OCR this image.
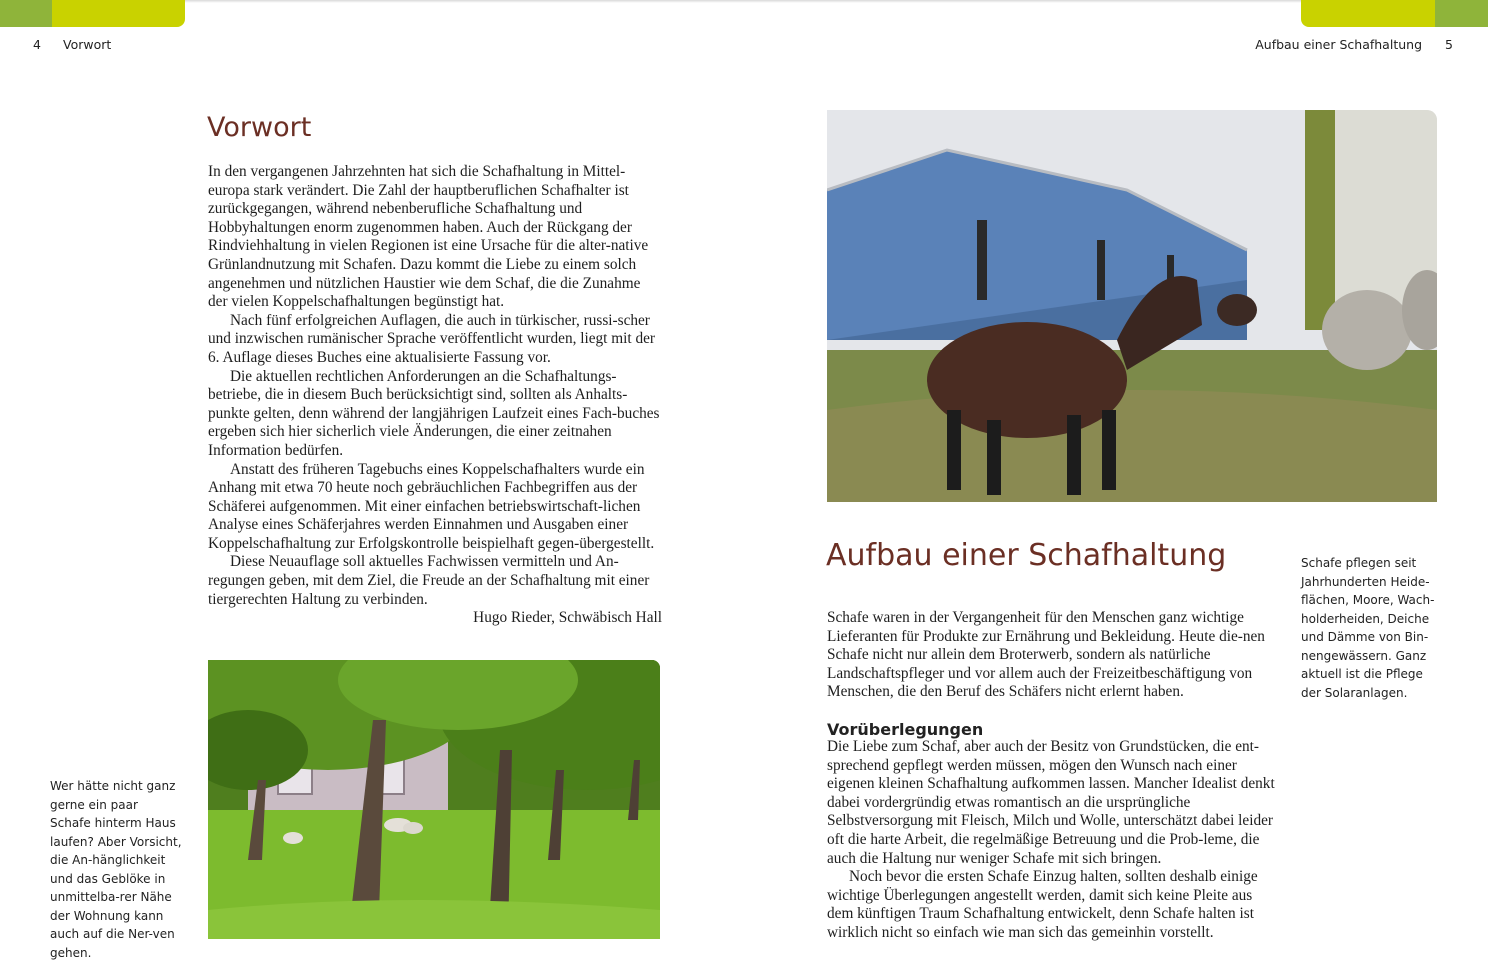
4 Vorwort	Aufbau einer Schafhaltung 5
Vorwort

In den vergangenen Jahrzehnten hat sich die Schafhaltung in Mittel-europa stark verändert. Die Zahl der hauptberuflichen Schafhalter ist zurückgegangen, während nebenberufliche Schafhaltung und Hobbyhaltungen enorm zugenommen haben. Auch der Rückgang der Rindviehhaltung in vielen Regionen ist eine Ursache für die alter-native Grünlandnutzung mit Schafen. Dazu kommt die Liebe zu einem solch angenehmen und nützlichen Haustier wie dem Schaf, die die Zunahme der vielen Koppelschafhaltungen begünstigt hat.

Nach fünf erfolgreichen Auflagen, die auch in türkischer, russi-scher und inzwischen rumänischer Sprache veröffentlicht wurden, liegt mit der 6. Auflage dieses Buches eine aktualisierte Fassung vor.

Die aktuellen rechtlichen Anforderungen an die Schafhaltungs-betriebe, die in diesem Buch berücksichtigt sind, sollten als Anhalts-punkte gelten, denn während der langjährigen Laufzeit eines Fach-buches ergeben sich hier sicherlich viele Änderungen, die einer zeitnahen Information bedürfen.

Anstatt des früheren Tagebuchs eines Koppelschafhalters wurde ein Anhang mit etwa 70 heute noch gebräuchlichen Fachbegriffen aus der Schäferei aufgenommen. Mit einer einfachen betriebswirtschaft-lichen Analyse eines Schäferjahres werden Einnahmen und Ausgaben einer Koppelschafhaltung zur Erfolgskontrolle beispielhaft gegen-übergestellt.

Diese Neuauflage soll aktuelles Fachwissen vermitteln und An-regungen geben, mit dem Ziel, die Freude an der Schafhaltung mit einer tiergerechten Haltung zu verbinden.

Hugo Rieder, Schwäbisch Hall

Wer hätte nicht ganz gerne ein paar Schafe hinterm Haus laufen? Aber Vorsicht, die An-hänglichkeit und das Geblöke in unmittelba-rer Nähe der Wohnung kann auch auf die Ner-ven gehen.
Aufbau einer Schafhaltung

Schafe waren in der Vergangenheit für den Menschen ganz wichtige Lieferanten für Produkte zur Ernährung und Bekleidung. Heute die-nen Schafe nicht nur allein dem Broterwerb, sondern als natürliche Landschaftspfleger und vor allem auch der Freizeitbeschäftigung von Menschen, die den Beruf des Schäfers nicht erlernt haben.

Vorüberlegungen

Die Liebe zum Schaf, aber auch der Besitz von Grundstücken, die ent-sprechend gepflegt werden müssen, mögen den Wunsch nach einer eigenen kleinen Schafhaltung aufkommen lassen. Mancher Idealist denkt dabei vordergründig etwas romantisch an die ursprüngliche Selbstversorgung mit Fleisch, Milch und Wolle, unterschätzt dabei leider oft die harte Arbeit, die regelmäßige Betreuung und die Prob-leme, die auch die Haltung nur weniger Schafe mit sich bringen.

Noch bevor die ersten Schafe Einzug halten, sollten deshalb einige wichtige Überlegungen angestellt werden, damit sich keine Pleite aus dem künftigen Traum Schafhaltung entwickelt, denn Schafe halten ist wirklich nicht so einfach wie man sich das gemeinhin vorstellt.

Schafe pflegen seit Jahrhunderten Heide-flächen, Moore, Wach-holderheiden, Deiche und Dämme von Bin-nengewässern. Ganz aktuell ist die Pflege der Solaranlagen.
